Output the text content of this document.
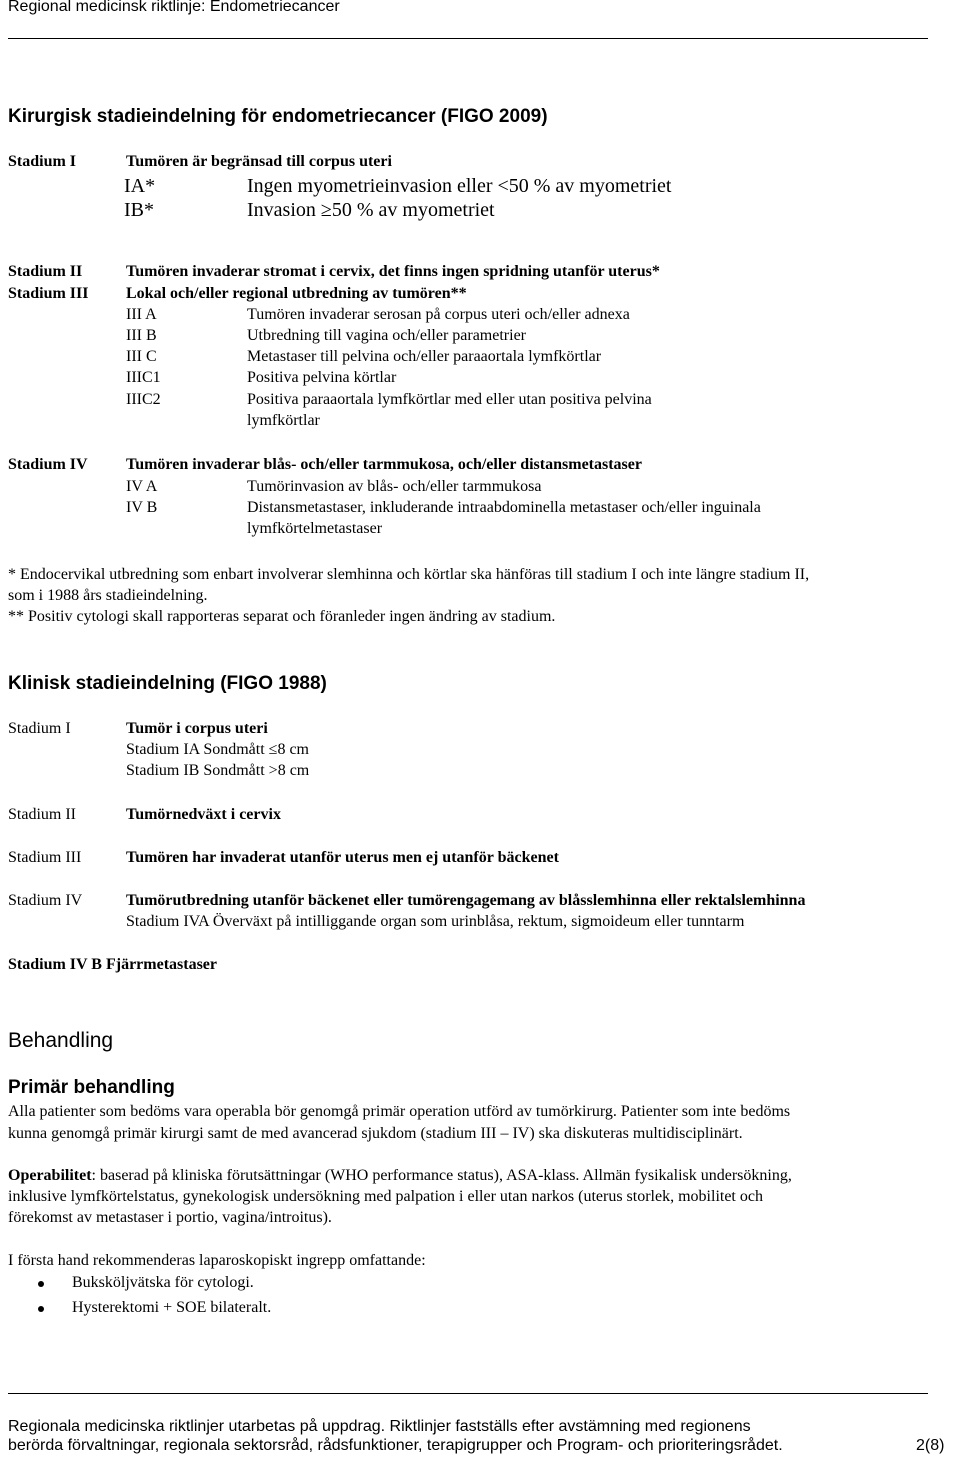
Regional medicinsk riktlinje: Endometriecancer
Kirurgisk stadieindelning för endometriecancer (FIGO 2009)
Stadium I	Tumören är begränsad till corpus uteri
IA*	Ingen myometrieinvasion eller <50 % av myometriet
IB*	Invasion ≥50 % av myometriet
Stadium II	Tumören invaderar stromat i cervix, det finns ingen spridning utanför uterus*
Stadium III Lokal och/eller regional utbredning av tumören**
III A	Tumören invaderar serosan på corpus uteri och/eller adnexa
III B	Utbredning till vagina och/eller parametrier
III C	Metastaser till pelvina och/eller paraaortala lymfkörtlar
IIIC1	Positiva pelvina körtlar
IIIC2	Positiva paraaortala lymfkörtlar med eller utan positiva pelvina
lymfkörtlar
Stadium IV Tumören invaderar blås- och/eller tarmmukosa, och/eller distansmetastaser
IV A	Tumörinvasion av blås- och/eller tarmmukosa
IV B	Distansmetastaser, inkluderande intraabdominella metastaser och/eller inguinala
lymfkörtelmetastaser
* Endocervikal utbredning som enbart involverar slemhinna och körtlar ska hänföras till stadium I och inte längre stadium II,
som i 1988 års stadieindelning.
** Positiv cytologi skall rapporteras separat och föranleder ingen ändring av stadium.
Klinisk stadieindelning (FIGO 1988)
Stadium I	Tumör i corpus uteri
Stadium IA Sondmått ≤8 cm
Stadium IB Sondmått >8 cm
Stadium II	Tumörnedväxt i cervix
Stadium III	Tumören har invaderat utanför uterus men ej utanför bäckenet
Stadium IV	Tumörutbredning utanför bäckenet eller tumörengagemang av blåsslemhinna eller rektalslemhinna
Stadium IVA Överväxt på intilliggande organ som urinblåsa, rektum, sigmoideum eller tunntarm
Stadium IV B Fjärrmetastaser
Behandling
Primär behandling
Alla patienter som bedöms vara operabla bör genomgå primär operation utförd av tumörkirurg. Patienter som inte bedöms
kunna genomgå primär kirurgi samt de med avancerad sjukdom (stadium III – IV) ska diskuteras multidisciplinärt.
Operabilitet: baserad på kliniska förutsättningar (WHO performance status), ASA-klass. Allmän fysikalisk undersökning,
inklusive lymfkörtelstatus, gynekologisk undersökning med palpation i eller utan narkos (uterus storlek, mobilitet och
förekomst av metastaser i portio, vagina/introitus).
I första hand rekommenderas laparoskopiskt ingrepp omfattande:
Buksköljvätska för cytologi.
Hysterektomi + SOE bilateralt.
Regionala medicinska riktlinjer utarbetas på uppdrag. Riktlinjer fastställs efter avstämning med regionens
berörda förvaltningar, regionala sektorsråd, rådsfunktioner, terapigrupper och Program- och prioriteringsrådet.	2(8)
